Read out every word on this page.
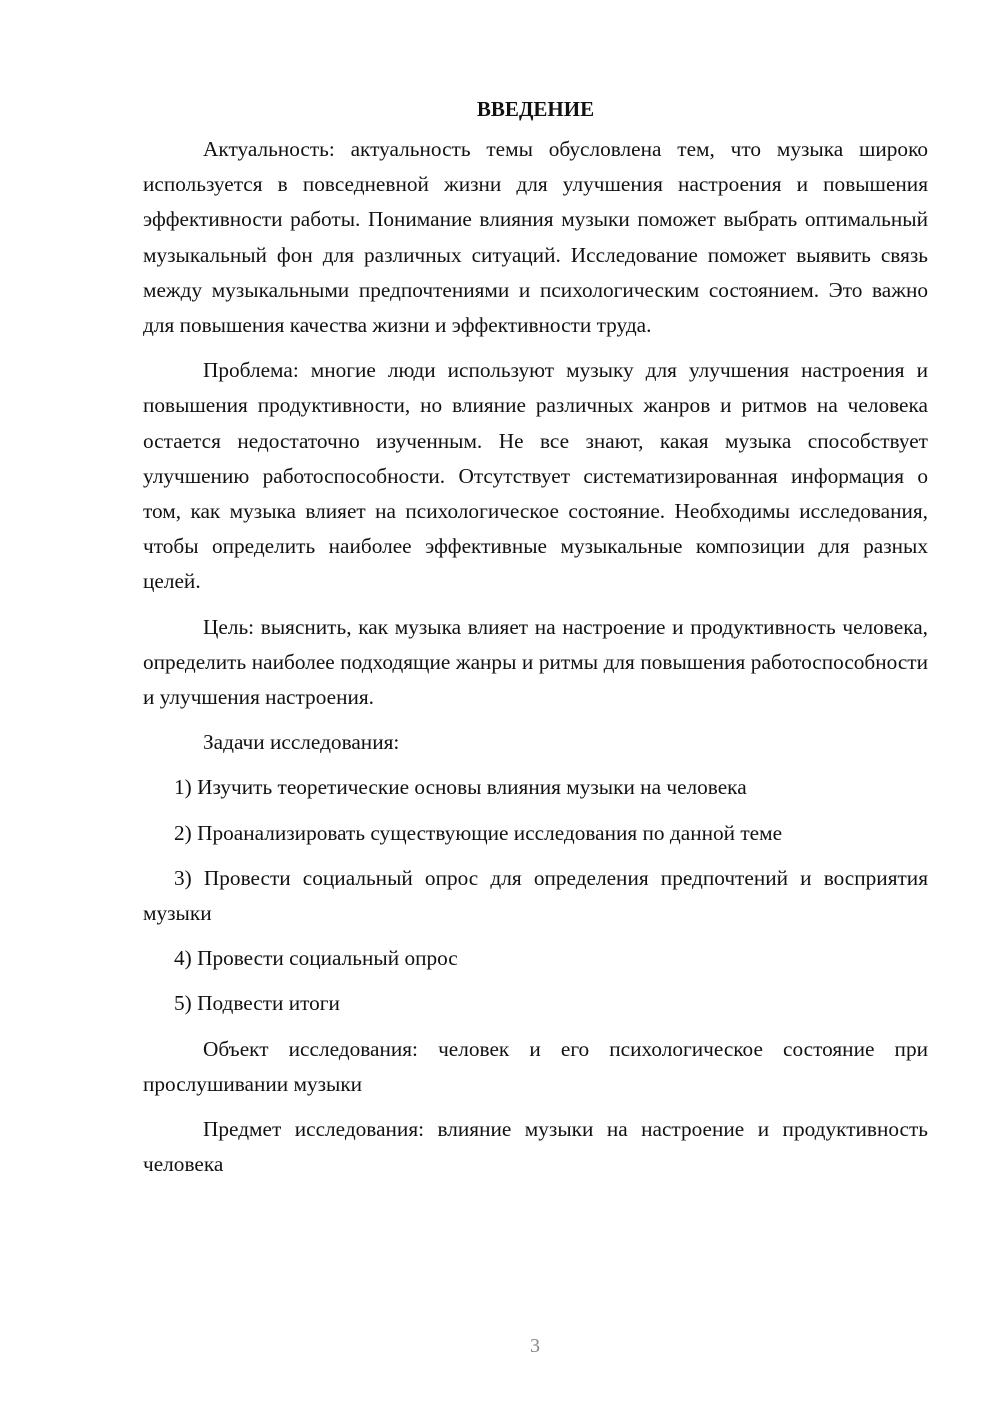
ВВЕДЕНИЕ

Актуальность: актуальность темы обусловлена тем, что музыка широко используется в повседневной жизни для улучшения настроения и повышения эффективности работы. Понимание влияния музыки поможет выбрать оптимальный музыкальный фон для различных ситуаций. Исследование поможет выявить связь между музыкальными предпочтениями и психологическим состоянием. Это важно для повышения качества жизни и эффективности труда.

Проблема: многие люди используют музыку для улучшения настроения и повышения продуктивности, но влияние различных жанров и ритмов на человека остается недостаточно изученным. Не все знают, какая музыка способствует улучшению работоспособности. Отсутствует систематизированная информация о том, как музыка влияет на психологическое состояние. Необходимы исследования, чтобы определить наиболее эффективные музыкальные композиции для разных целей.

Цель: выяснить, как музыка влияет на настроение и продуктивность человека, определить наиболее подходящие жанры и ритмы для повышения работоспособности и улучшения настроения.

Задачи исследования:

1) Изучить теоретические основы влияния музыки на человека

2) Проанализировать существующие исследования по данной теме

3) Провести социальный опрос для определения предпочтений и восприятия музыки

4) Провести социальный опрос

5) Подвести итоги

Объект исследования: человек и его психологическое состояние при прослушивании музыки

Предмет исследования: влияние музыки на настроение и продуктивность человека

3
